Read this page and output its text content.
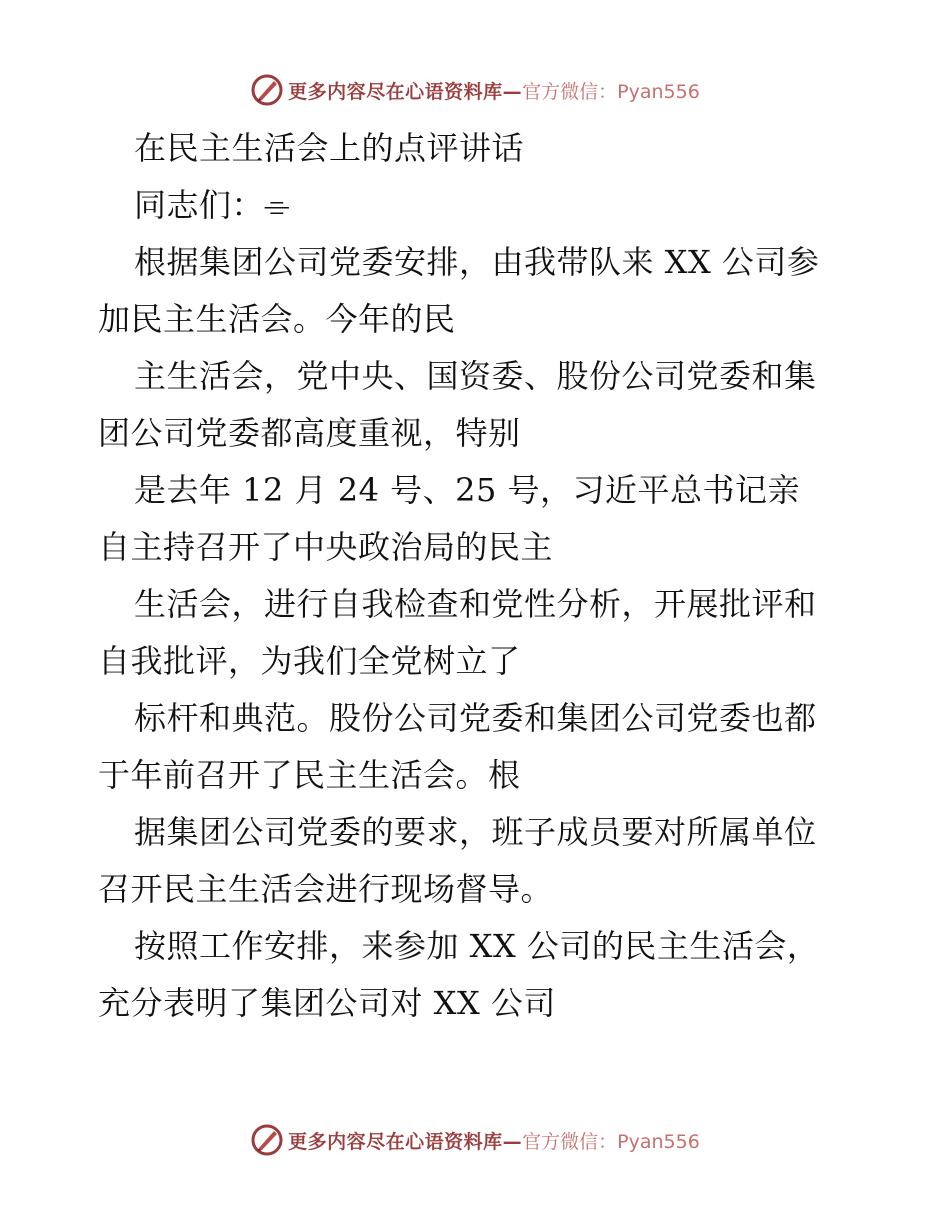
更多内容尽在心语资料库— 官方微信：Pyan556
在民主生活会上的点评讲话
同志们：⌯
根据集团公司党委安排，由我带队来 XX 公司参
加民主生活会。今年的民
主生活会，党中央、国资委、股份公司党委和集
团公司党委都高度重视，特别
是去年 12 月 24 号、25 号，习近平总书记亲
自主持召开了中央政治局的民主
生活会，进行自我检查和党性分析，开展批评和
自我批评，为我们全党树立了
标杆和典范。股份公司党委和集团公司党委也都
于年前召开了民主生活会。根
据集团公司党委的要求，班子成员要对所属单位
召开民主生活会进行现场督导。
按照工作安排，来参加 XX 公司的民主生活会，
充分表明了集团公司对 XX 公司
更多内容尽在心语资料库— 官方微信：Pyan556
